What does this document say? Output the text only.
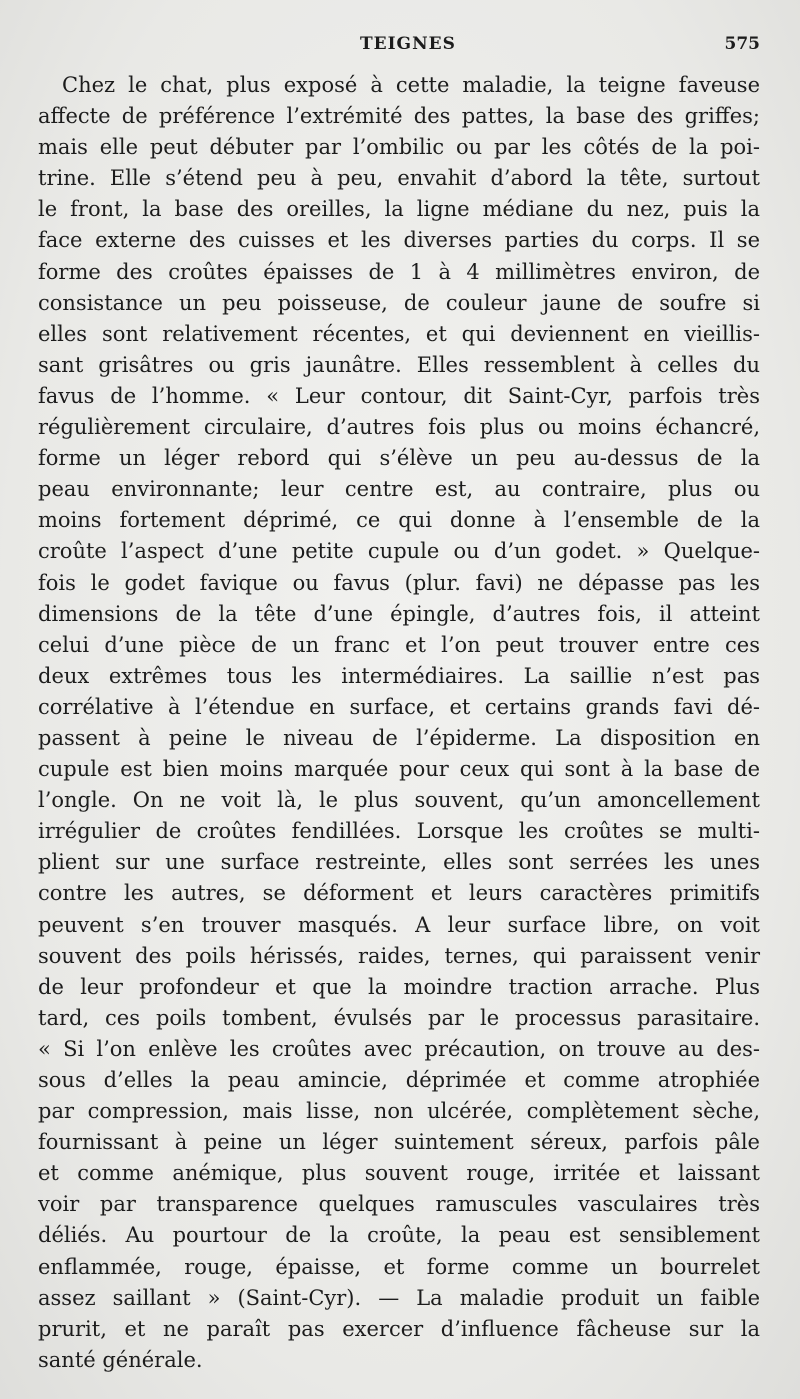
TEIGNES	575
Chez le chat, plus exposé à cette maladie, la teigne faveuse
affecte de préférence l’extrémité des pattes, la base des griffes;
mais elle peut débuter par l’ombilic ou par les côtés de la poi-
trine. Elle s’étend peu à peu, envahit d’abord la tête, surtout
le front, la base des oreilles, la ligne médiane du nez, puis la
face externe des cuisses et les diverses parties du corps. Il se
forme des croûtes épaisses de 1 à 4 millimètres environ, de
consistance un peu poisseuse, de couleur jaune de soufre si
elles sont relativement récentes, et qui deviennent en vieillis-
sant grisâtres ou gris jaunâtre. Elles ressemblent à celles du
favus de l’homme. « Leur contour, dit Saint-Cyr, parfois très
régulièrement circulaire, d’autres fois plus ou moins échancré,
forme un léger rebord qui s’élève un peu au-dessus de la
peau environnante; leur centre est, au contraire, plus ou
moins fortement déprimé, ce qui donne à l’ensemble de la
croûte l’aspect d’une petite cupule ou d’un godet. » Quelque-
fois le godet favique ou favus (plur. favi) ne dépasse pas les
dimensions de la tête d’une épingle, d’autres fois, il atteint
celui d’une pièce de un franc et l’on peut trouver entre ces
deux extrêmes tous les intermédiaires. La saillie n’est pas
corrélative à l’étendue en surface, et certains grands favi dé-
passent à peine le niveau de l’épiderme. La disposition en
cupule est bien moins marquée pour ceux qui sont à la base de
l’ongle. On ne voit là, le plus souvent, qu’un amoncellement
irrégulier de croûtes fendillées. Lorsque les croûtes se multi-
plient sur une surface restreinte, elles sont serrées les unes
contre les autres, se déforment et leurs caractères primitifs
peuvent s’en trouver masqués. A leur surface libre, on voit
souvent des poils hérissés, raides, ternes, qui paraissent venir
de leur profondeur et que la moindre traction arrache. Plus
tard, ces poils tombent, évulsés par le processus parasitaire.
« Si l’on enlève les croûtes avec précaution, on trouve au des-
sous d’elles la peau amincie, déprimée et comme atrophiée
par compression, mais lisse, non ulcérée, complètement sèche,
fournissant à peine un léger suintement séreux, parfois pâle
et comme anémique, plus souvent rouge, irritée et laissant
voir par transparence quelques ramuscules vasculaires très
déliés. Au pourtour de la croûte, la peau est sensiblement
enflammée, rouge, épaisse, et forme comme un bourrelet
assez saillant » (Saint-Cyr). — La maladie produit un faible
prurit, et ne paraît pas exercer d’influence fâcheuse sur la
santé générale.
